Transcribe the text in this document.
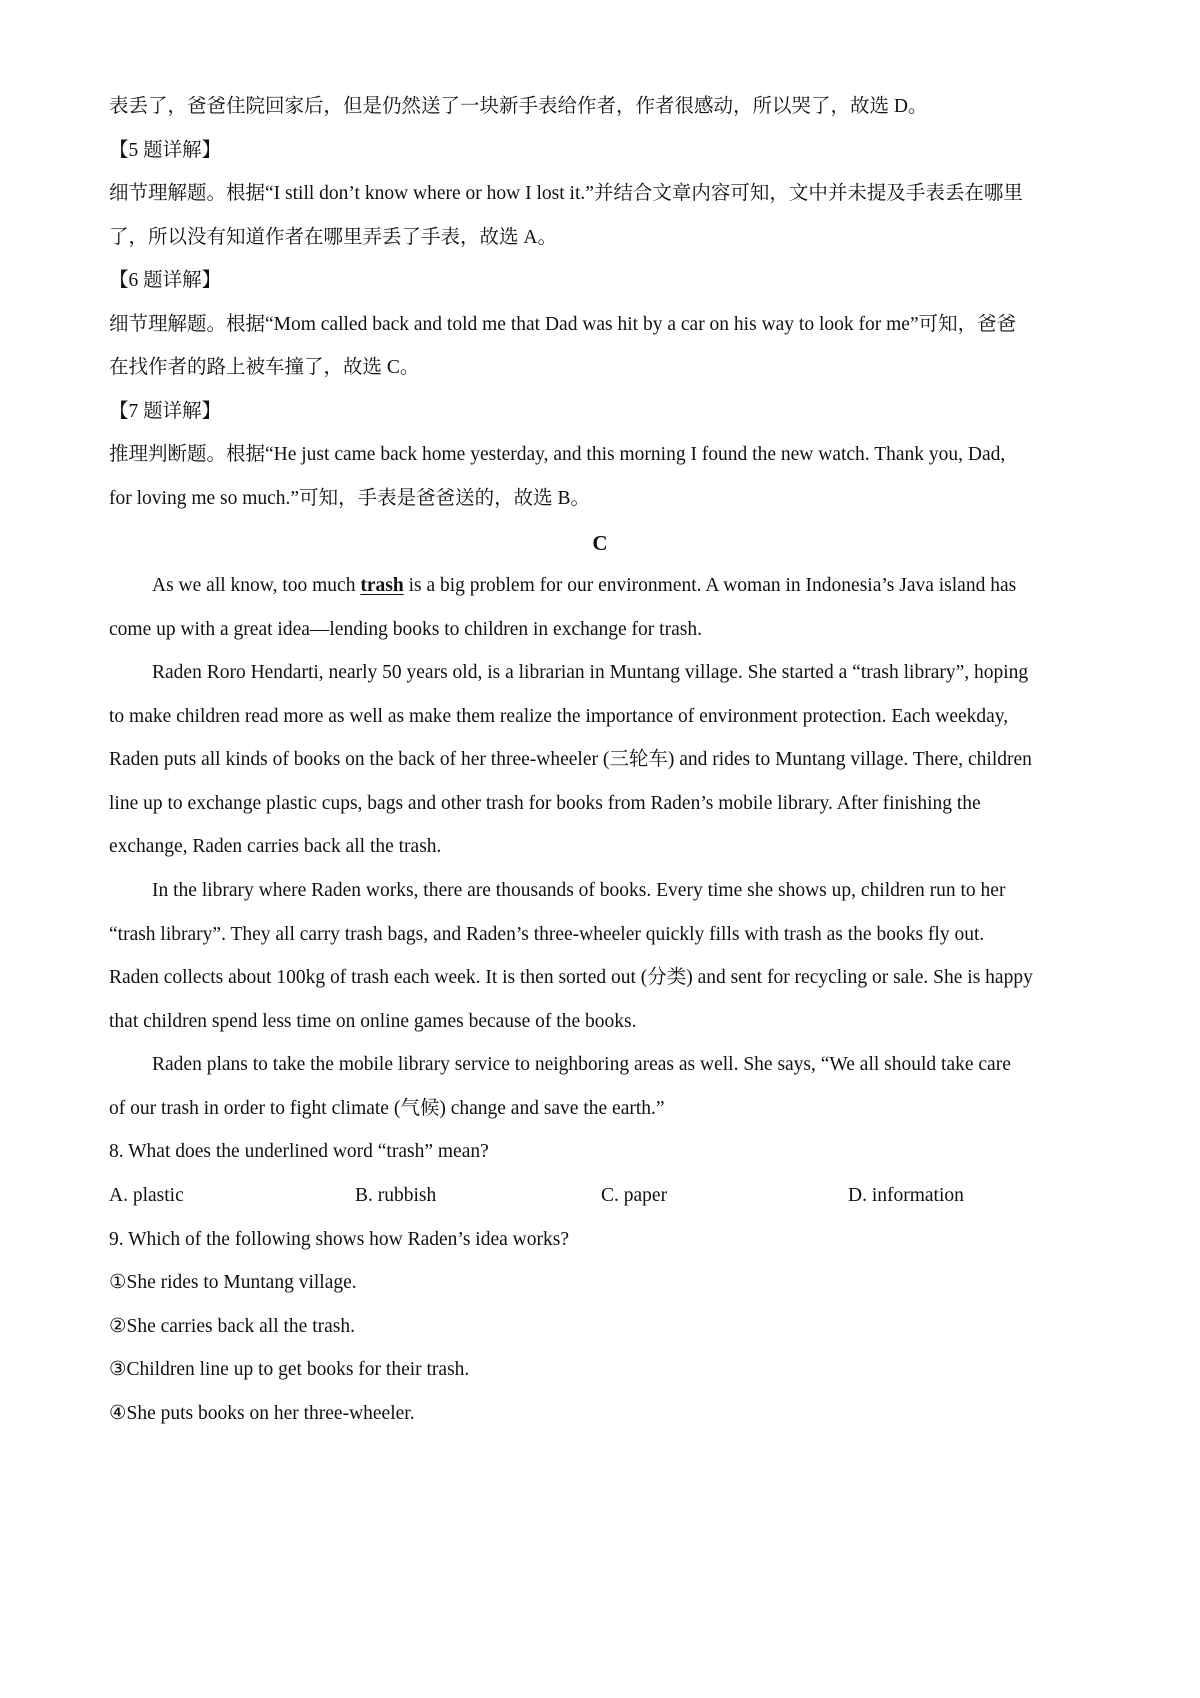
表丢了，爸爸住院回家后，但是仍然送了一块新手表给作者，作者很感动，所以哭了，故选 D。
【5 题详解】
细节理解题。根据“I still don’t know where or how I lost it.”并结合文章内容可知，文中并未提及手表丢在哪里
了，所以没有知道作者在哪里弄丢了手表，故选 A。
【6 题详解】
细节理解题。根据“Mom called back and told me that Dad was hit by a car on his way to look for me”可知，爸爸
在找作者的路上被车撞了，故选 C。
【7 题详解】
推理判断题。根据“He just came back home yesterday, and this morning I found the new watch. Thank you, Dad,
for loving me so much.”可知，手表是爸爸送的，故选 B。
C
As we all know, too much trash is a big problem for our environment. A woman in Indonesia’s Java island has
come up with a great idea—lending books to children in exchange for trash.
Raden Roro Hendarti, nearly 50 years old, is a librarian in Muntang village. She started a “trash library”, hoping
to make children read more as well as make them realize the importance of environment protection. Each weekday,
Raden puts all kinds of books on the back of her three-wheeler (三轮车) and rides to Muntang village. There, children
line up to exchange plastic cups, bags and other trash for books from Raden’s mobile library. After finishing the
exchange, Raden carries back all the trash.
In the library where Raden works, there are thousands of books. Every time she shows up, children run to her
“trash library”. They all carry trash bags, and Raden’s three-wheeler quickly fills with trash as the books fly out.
Raden collects about 100kg of trash each week. It is then sorted out (分类) and sent for recycling or sale. She is happy
that children spend less time on online games because of the books.
Raden plans to take the mobile library service to neighboring areas as well. She says, “We all should take care
of our trash in order to fight climate (气候) change and save the earth.”
8. What does the underlined word “trash” mean?
A. plastic	B. rubbish	C. paper	D. information
9. Which of the following shows how Raden’s idea works?
①She rides to Muntang village.
②She carries back all the trash.
③Children line up to get books for their trash.
④She puts books on her three-wheeler.
